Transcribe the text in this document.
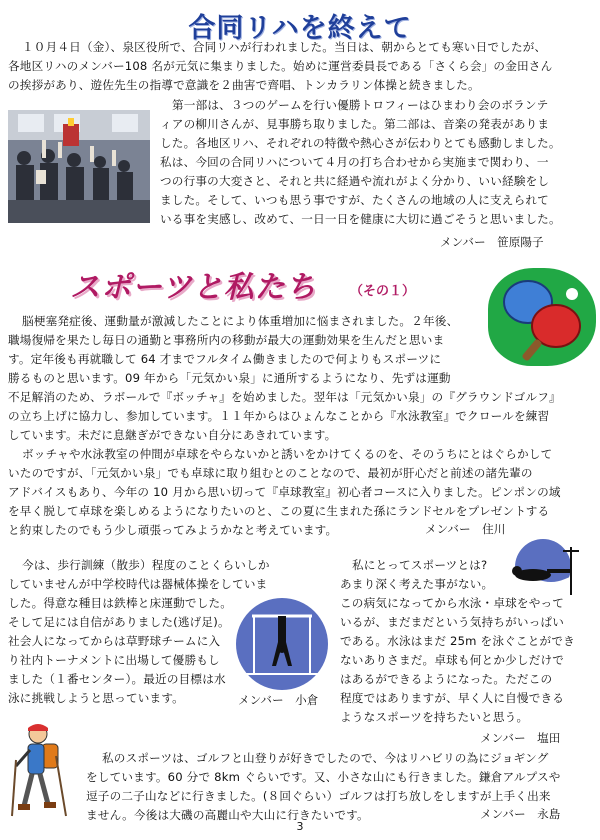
合同リハを終えて
１０月４日（金）、泉区役所で、合同リハが行われました。当日は、朝からとても寒い日でしたが、
各地区リハのメンバー108 名が元気に集まりました。始めに運営委員長である「さくら会」の金田さん
の挨拶があり、遊佐先生の指導で意識を２曲害で齊唱、トンカラリン体操と続きました。
第一部は、３つのゲームを行い優勝トロフィーはひまわり会のボランテ
ィアの柳川さんが、見事勝ち取りました。第二部は、音楽の発表がありま
した。各地区リハ、それぞれの特徴や熱心さが伝わりとても感動しました。
私は、今回の合同リハについて４月の打ち合わせから実施まで関わり、一
つの行事の大変さと、それと共に経過や流れがよく分かり、いい経験をし
ました。そして、いつも思う事ですが、たくさんの地域の人に支えられて
いる事を実感し、改めて、一日一日を健康に大切に過ごそうと思いました。
メンバー　笹原陽子
スポーツと私たち	（その１）
脳梗塞発症後、運動量が激減したことにより体重増加に悩まされました。２年後、
職場復帰を果たし毎日の通勤と事務所内の移動が最大の運動効果を生んだと思いま
す。定年後も再就職して 64 才までフルタイム働きましたので何よりもスポーツに
勝るものと思います。09 年から「元気かい泉」に通所するようになり、先ずは運動
不足解消のため、ラボールで『ボッチャ』を始めました。翌年は「元気かい泉」の『グラウンドゴルフ』
の立ち上げに協力し、参加しています。１１年からはひょんなことから『水泳教室』でクロールを練習
しています。未だに息継ぎができない自分にあきれています。
ボッチャや水泳教室の仲間が卓球をやらないかと誘いをかけてくるのを、そのうちにとはぐらかして
いたのですが、「元気かい泉」でも卓球に取り組むとのことなので、最初が肝心だと前述の諸先輩の
アドバイスもあり、今年の 10 月から思い切って『卓球教室』初心者コースに入りました。ピンポンの域
を早く脱して卓球を楽しめるようになりたいのと、この夏に生まれた孫にランドセルをプレゼントする
と約束したのでもう少し頑張ってみようかなと考えています。	メンバー　住川
今は、歩行訓練（散歩）程度のことくらいしか
していませんが中学校時代は器械体操をしていま
した。得意な種目は鉄棒と床運動でした。
そして足には自信がありました(逃げ足)。
社会人になってからは草野球チームに入
り社内トーナメントに出場して優勝もし
ました（１番センター）。最近の目標は水
泳に挑戦しようと思っています。	メンバー　小倉
私にとってスポーツとは?
あまり深く考えた事がない。
この病気になってから水泳・卓球をやって
いるが、まだまだという気持ちがいっぱい
である。水泳はまだ 25m を泳ぐことができ
ないありさまだ。卓球も何とか少しだけで
はあるができるようになった。ただこの
程度ではありますが、早く人に自慢できる
ようなスポーツを持ちたいと思う。
メンバー　塩田
私のスポーツは、ゴルフと山登りが好きでしたので、今はリハビリの為にジョギング
をしています。60 分で 8km ぐらいです。又、小さな山にも行きました。鎌倉アルプスや
逗子の二子山などに行きました。(８回ぐらい）ゴルフは打ち放しをしますが上手く出来
ません。今後は大磯の高麗山や大山に行きたいです。	メンバー　永島
3
